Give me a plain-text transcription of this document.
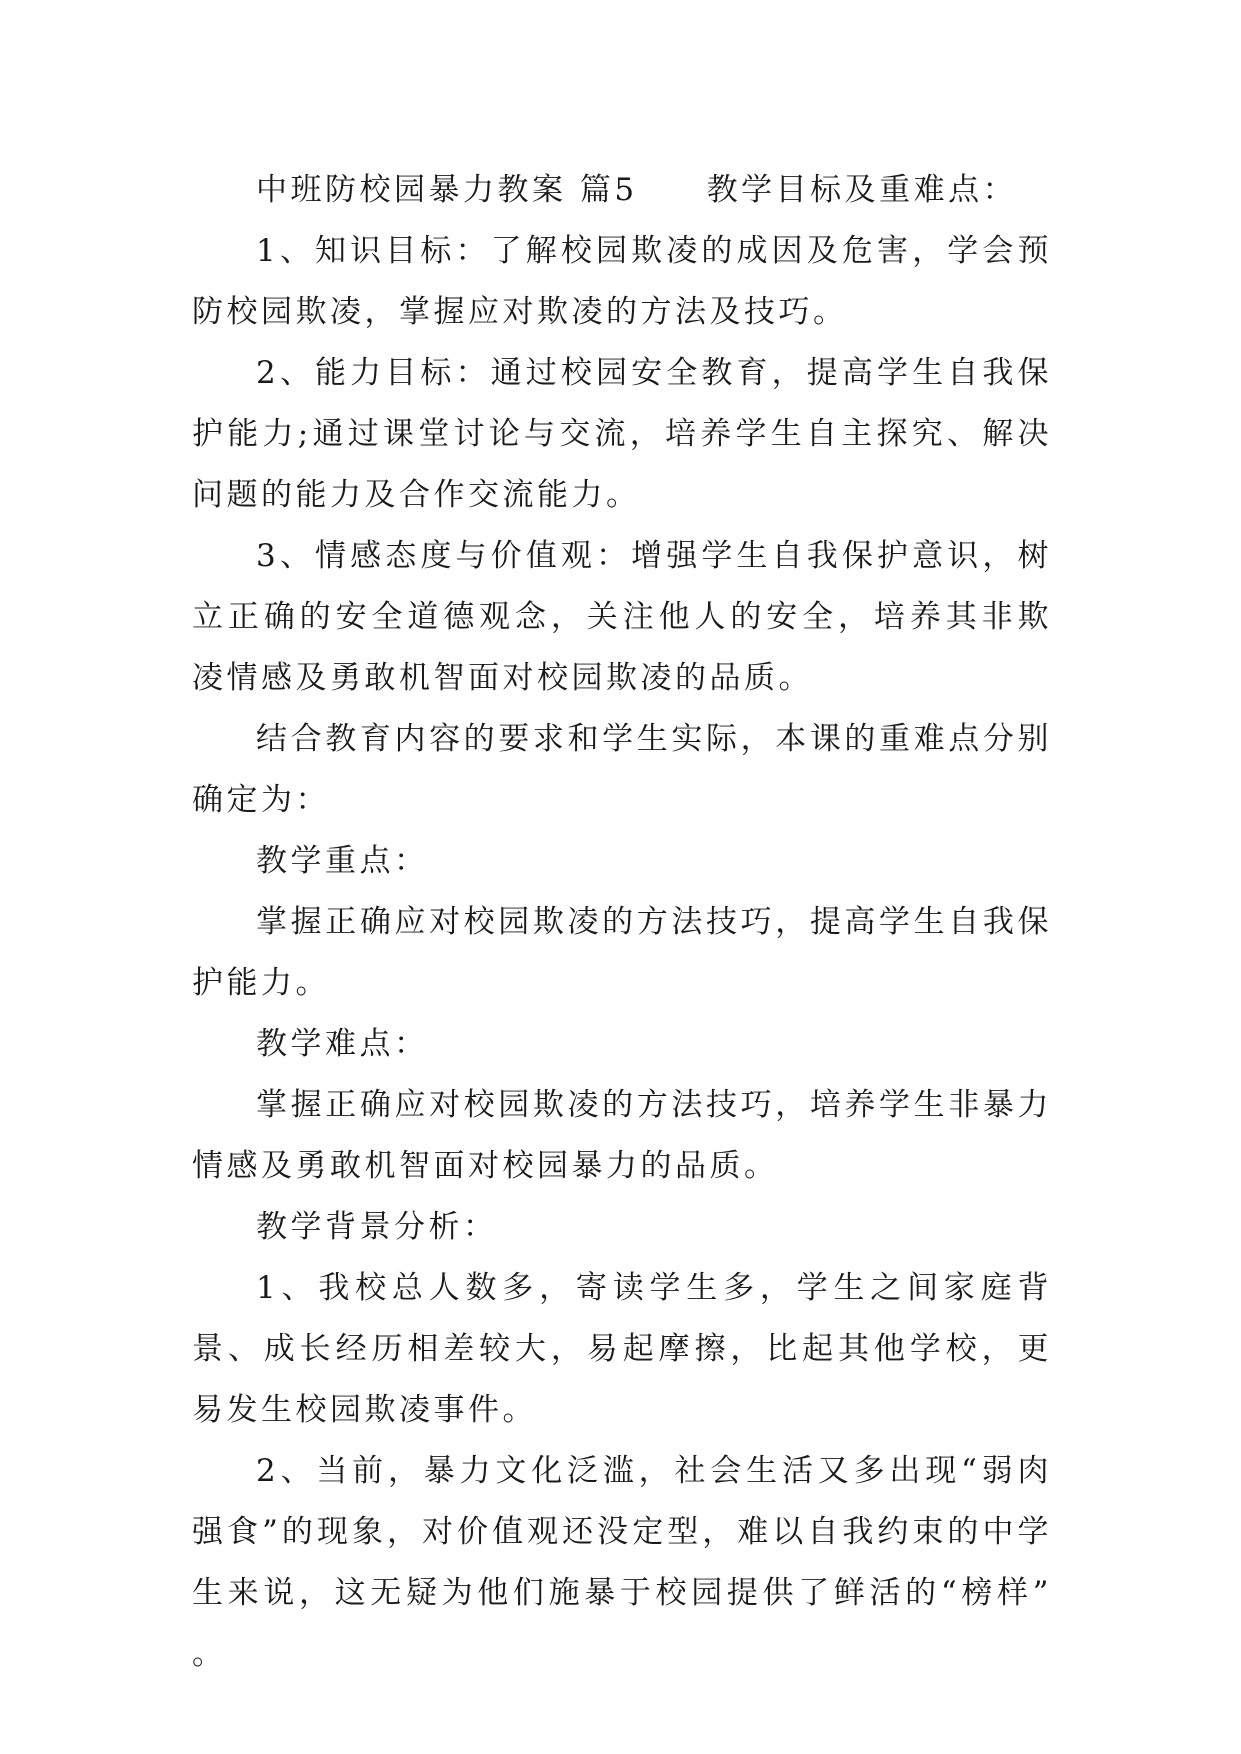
中班防校园暴力教案 篇5　　教学目标及重难点：

1、知识目标：了解校园欺凌的成因及危害，学会预防校园欺凌，掌握应对欺凌的方法及技巧。

2、能力目标：通过校园安全教育，提高学生自我保护能力;通过课堂讨论与交流，培养学生自主探究、解决问题的能力及合作交流能力。

3、情感态度与价值观：增强学生自我保护意识，树立正确的安全道德观念，关注他人的安全，培养其非欺凌情感及勇敢机智面对校园欺凌的品质。

结合教育内容的要求和学生实际，本课的重难点分别确定为：

教学重点：

掌握正确应对校园欺凌的方法技巧，提高学生自我保护能力。

教学难点：

掌握正确应对校园欺凌的方法技巧，培养学生非暴力情感及勇敢机智面对校园暴力的品质。

教学背景分析：

1、我校总人数多，寄读学生多，学生之间家庭背景、成长经历相差较大，易起摩擦，比起其他学校，更易发生校园欺凌事件。

2、当前，暴力文化泛滥，社会生活又多出现“弱肉强食”的现象，对价值观还没定型，难以自我约束的中学生来说，这无疑为他们施暴于校园提供了鲜活的“榜样” 。
